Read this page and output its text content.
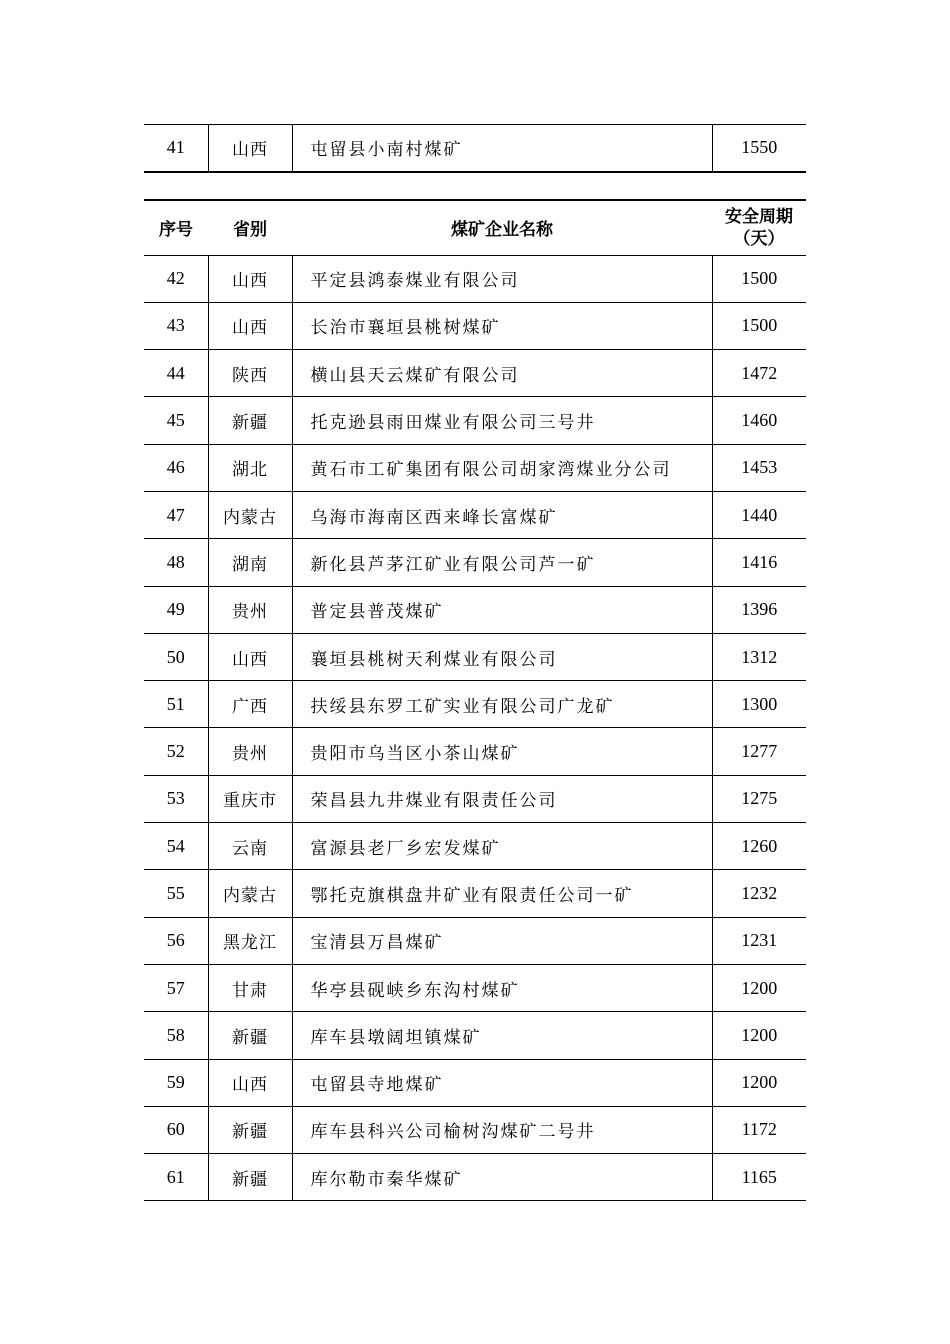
41	山西	屯留县小南村煤矿	1550
序号	省别	煤矿企业名称	安全周期
（天）

42	山西	平定县鸿泰煤业有限公司	1500
43	山西	长治市襄垣县桃树煤矿	1500
44	陕西	横山县天云煤矿有限公司	1472
45	新疆	托克逊县雨田煤业有限公司三号井	1460
46	湖北	黄石市工矿集团有限公司胡家湾煤业分公司	1453
47	内蒙古	乌海市海南区西来峰长富煤矿	1440
48	湖南	新化县芦茅江矿业有限公司芦一矿	1416
49	贵州	普定县普茂煤矿	1396
50	山西	襄垣县桃树天利煤业有限公司	1312
51	广西	扶绥县东罗工矿实业有限公司广龙矿	1300
52	贵州	贵阳市乌当区小茶山煤矿	1277
53	重庆市	荣昌县九井煤业有限责任公司	1275
54	云南	富源县老厂乡宏发煤矿	1260
55	内蒙古	鄂托克旗棋盘井矿业有限责任公司一矿	1232
56	黑龙江	宝清县万昌煤矿	1231
57	甘肃	华亭县砚峡乡东沟村煤矿	1200
58	新疆	库车县墩阔坦镇煤矿	1200
59	山西	屯留县寺地煤矿	1200
60	新疆	库车县科兴公司榆树沟煤矿二号井	1172
61	新疆	库尔勒市秦华煤矿	1165
